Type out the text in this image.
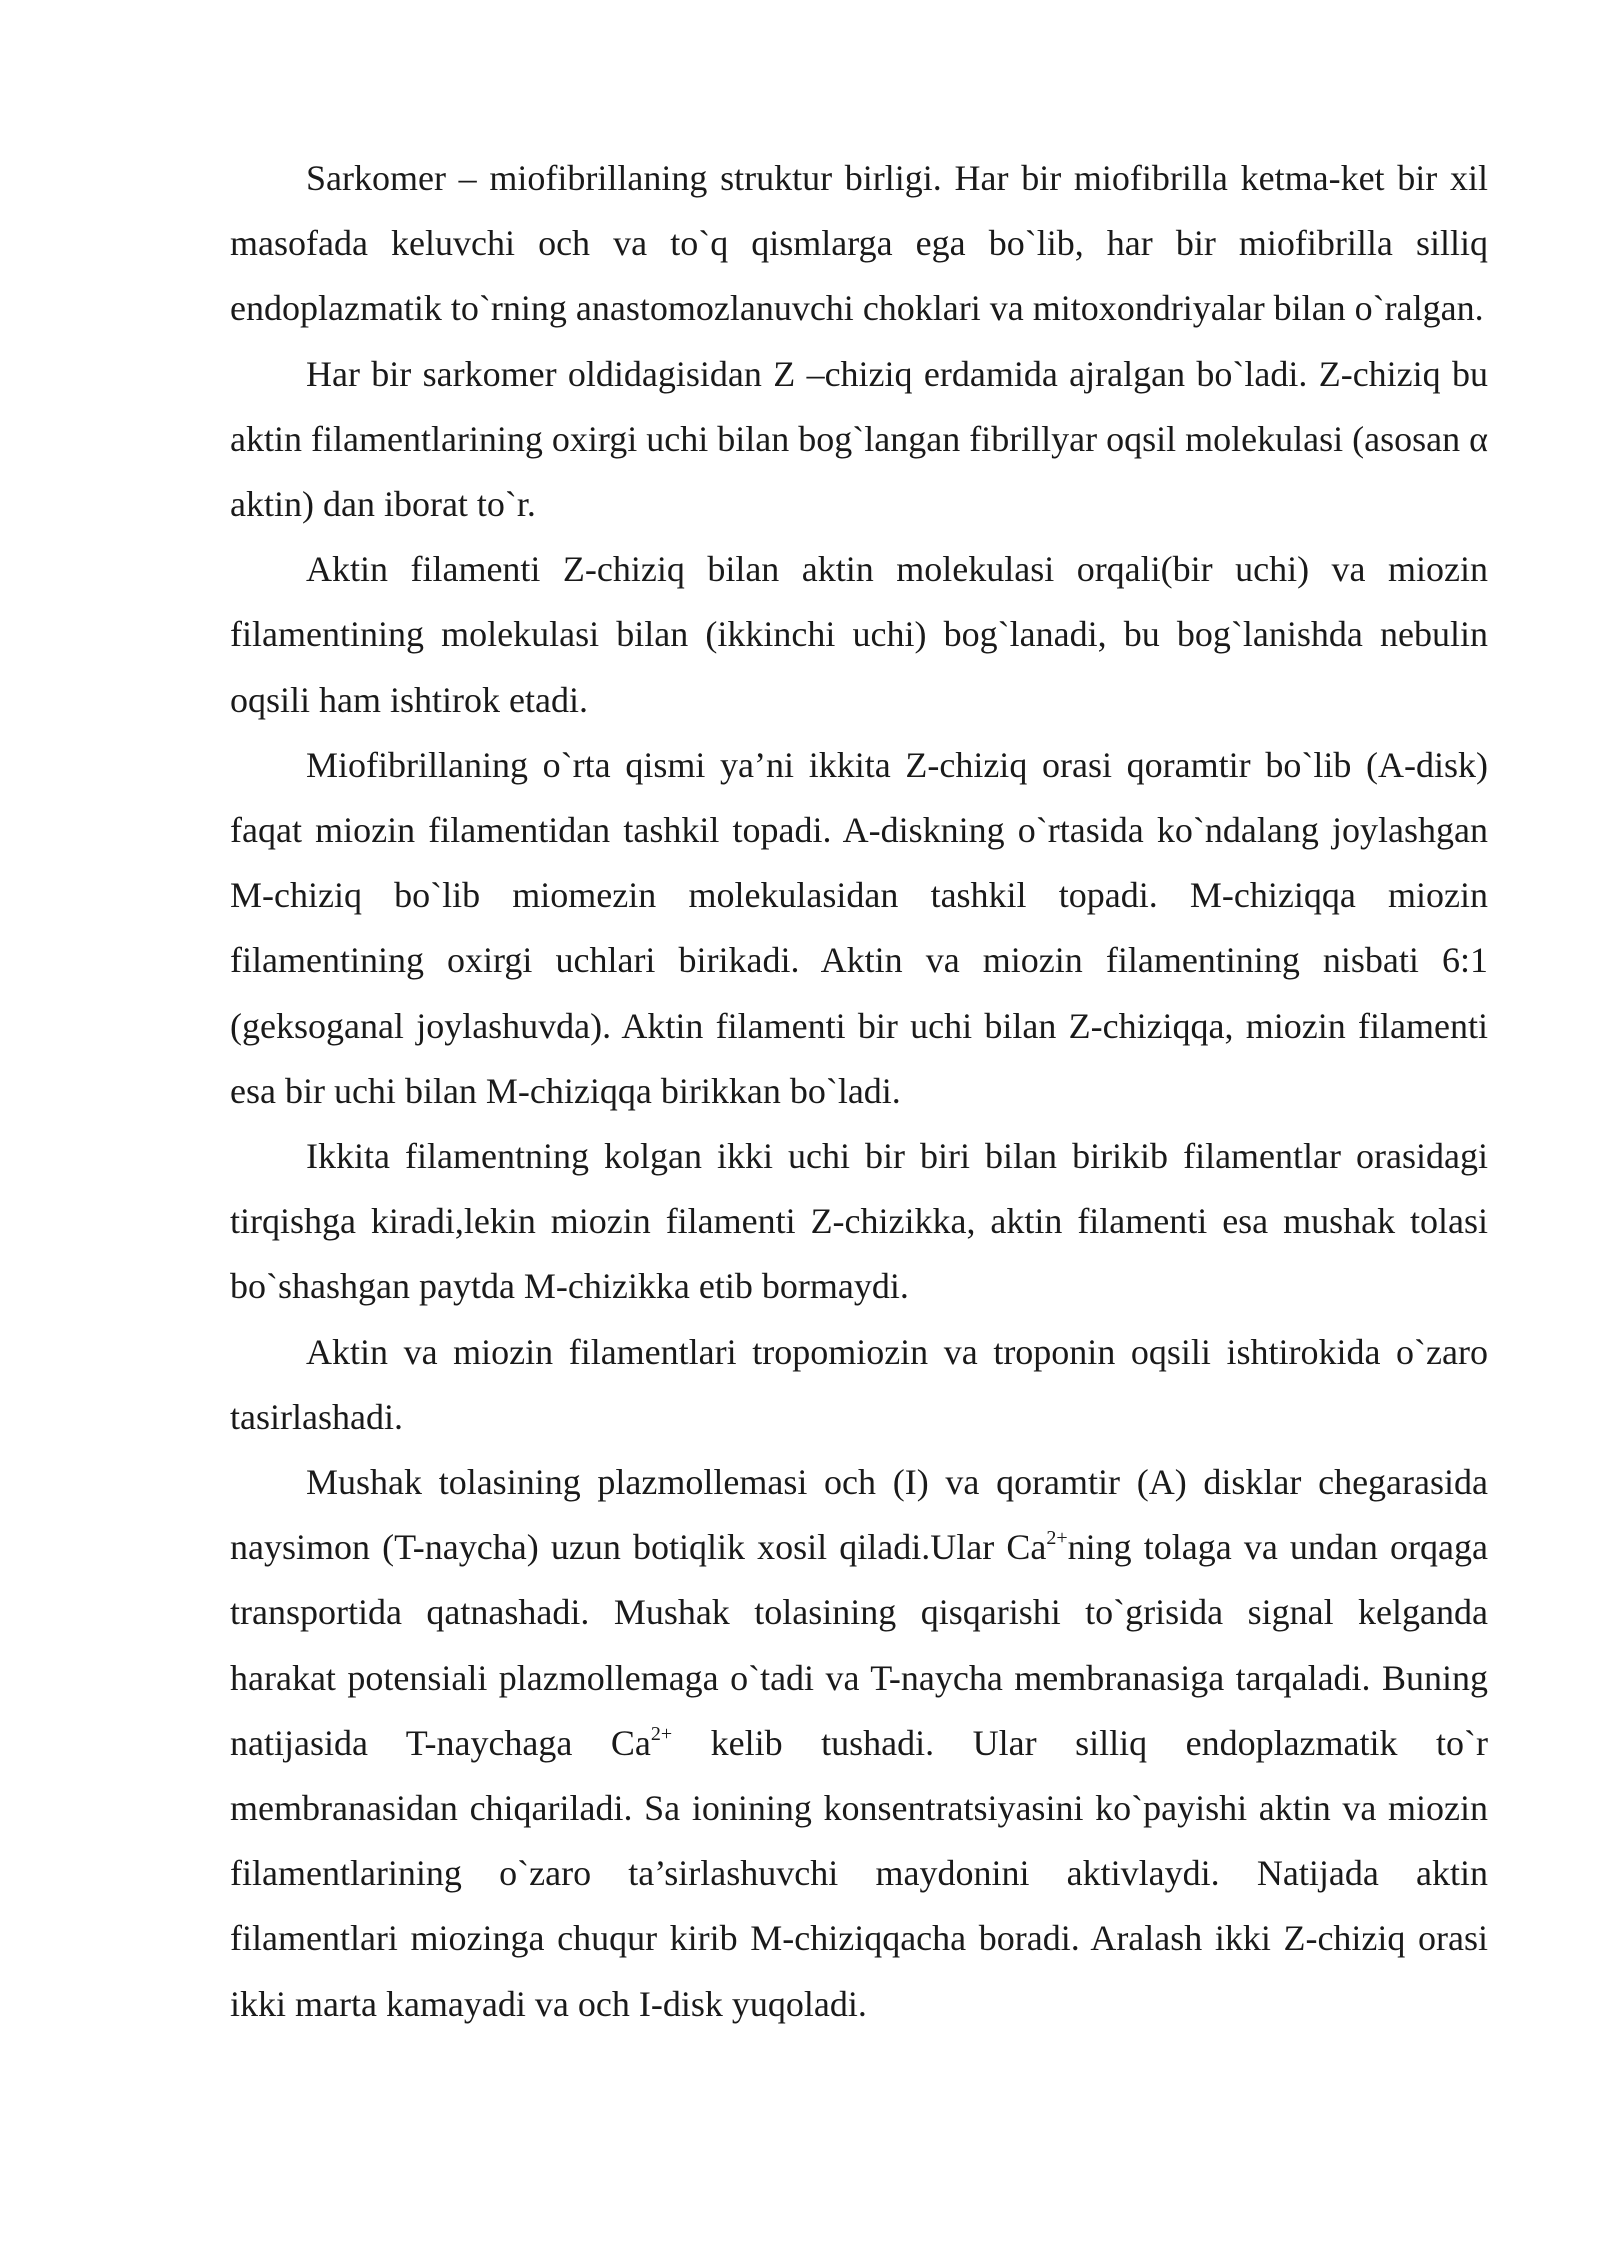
Sarkomer – miofibrillaning struktur birligi. Har bir miofibrilla ketma-ket bir xil masofada keluvchi och va to`q qismlarga ega bo`lib, har bir miofibrilla silliq endoplazmatik to`rning anastomozlanuvchi choklari va mitoxondriyalar bilan o`ralgan.

Har bir sarkomer oldidagisidan Z –chiziq erdamida ajralgan bo`ladi. Z-chiziq bu aktin filamentlarining oxirgi uchi bilan bog`langan fibrillyar oqsil molekulasi (asosan α aktin) dan iborat to`r.

Aktin filamenti Z-chiziq bilan aktin molekulasi orqali(bir uchi) va miozin filamentining molekulasi bilan (ikkinchi uchi) bog`lanadi, bu bog`lanishda nebulin oqsili ham ishtirok etadi.

Miofibrillaning o`rta qismi ya’ni ikkita Z-chiziq orasi qoramtir bo`lib (A-disk) faqat miozin filamentidan tashkil topadi. A-diskning o`rtasida ko`ndalang joylashgan M-chiziq bo`lib miomezin molekulasidan tashkil topadi. M-chiziqqa miozin filamentining oxirgi uchlari birikadi. Aktin va miozin filamentining nisbati 6:1 (geksoganal joylashuvda). Aktin filamenti bir uchi bilan Z-chiziqqa, miozin filamenti esa bir uchi bilan M-chiziqqa birikkan bo`ladi.

Ikkita filamentning kolgan ikki uchi bir biri bilan birikib filamentlar orasidagi tirqishga kiradi,lekin miozin filamenti Z-chizikka, aktin filamenti esa mushak tolasi bo`shashgan paytda M-chizikka etib bormaydi.

Aktin va miozin filamentlari tropomiozin va troponin oqsili ishtirokida o`zaro tasirlashadi.

Mushak tolasining plazmollemasi och (I) va qoramtir (A) disklar chegarasida naysimon (T-naycha) uzun botiqlik xosil qiladi.Ular $Ca^{2+}ning$ tolaga va undan orqaga transportida qatnashadi. Mushak tolasining qisqarishi to`grisida signal kelganda harakat potensiali plazmollemaga o`tadi va T-naycha membranasiga tarqaladi. Buning natijasida T-naychaga $Ca^{2+}$ kelib tushadi. Ular silliq endoplazmatik to`r membranasidan chiqariladi. Sa ionining konsentratsiyasini ko`payishi aktin va miozin filamentlarining o`zaro ta’sirlashuvchi maydonini aktivlaydi. Natijada aktin filamentlari miozinga chuqur kirib M-chiziqqacha boradi. Aralash ikki Z-chiziq orasi ikki marta kamayadi va och I-disk yuqoladi.
